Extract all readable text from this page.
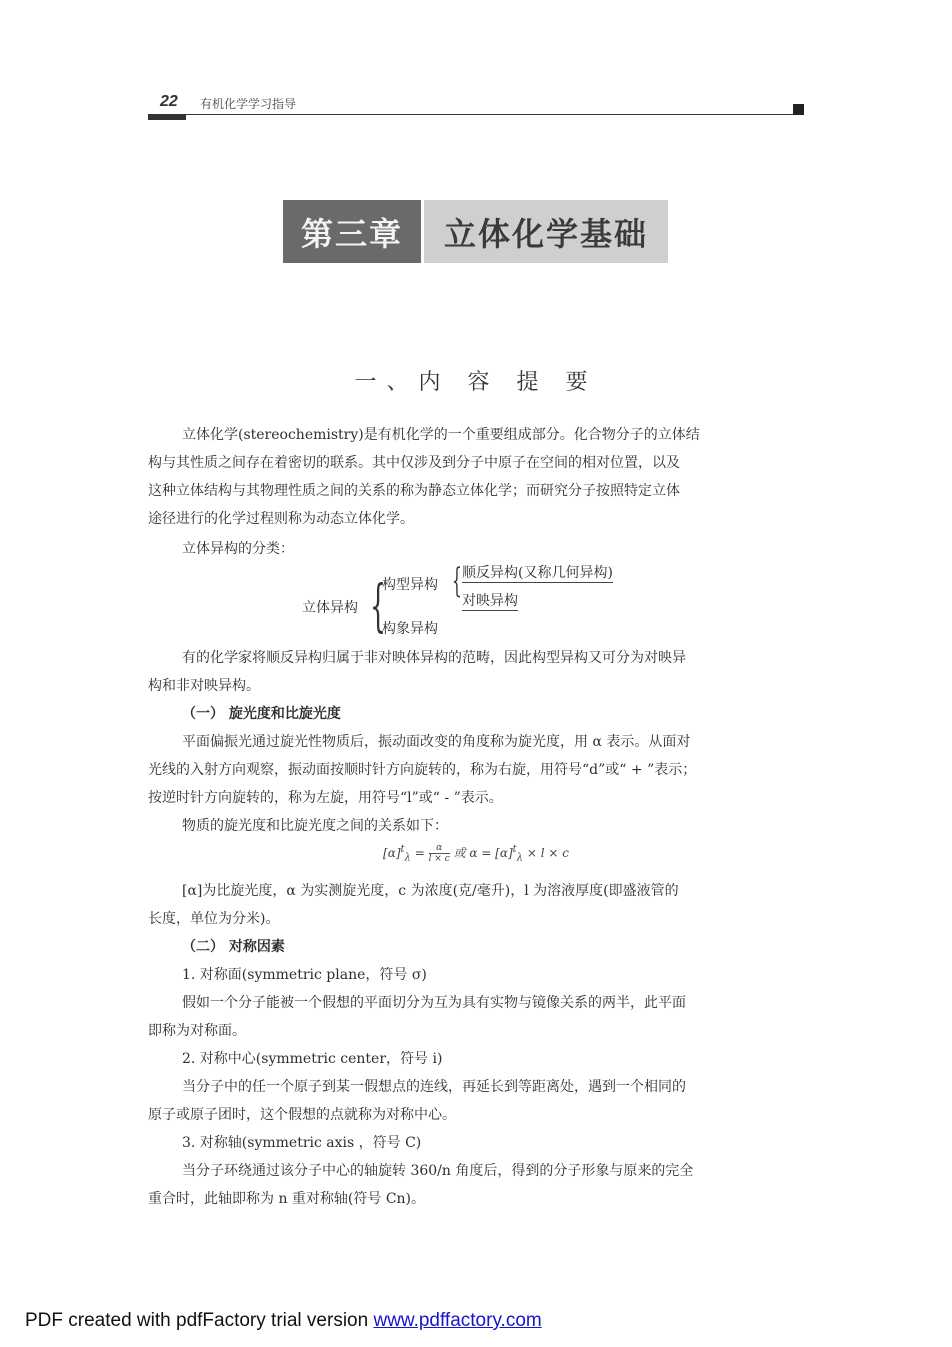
22 有机化学学习指导
第三章	立体化学基础
一、内 容 提 要
立体化学(stereochemistry)是有机化学的一个重要组成部分。化合物分子的立体结
构与其性质之间存在着密切的联系。其中仅涉及到分子中原子在空间的相对位置，以及
这种立体结构与其物理性质之间的关系的称为静态立体化学；而研究分子按照特定立体
途径进行的化学过程则称为动态立体化学。
立体异构的分类：
立体异构 {
构型异构 { 顺反异构(又称几何异构)
对映异构
构象异构
有的化学家将顺反异构归属于非对映体异构的范畴，因此构型异构又可分为对映异
构和非对映异构。
（一） 旋光度和比旋光度
平面偏振光通过旋光性物质后，振动面改变的角度称为旋光度，用 α 表示。从面对
光线的入射方向观察，振动面按顺时针方向旋转的，称为右旋，用符号“d”或“ + ”表示；
按逆时针方向旋转的，称为左旋，用符号“l”或“ - ”表示。
物质的旋光度和比旋光度之间的关系如下：
$[\alpha]^t_\lambda = \frac{\alpha}{l \times c}$ 或 $\alpha = [\alpha]^t_\lambda \times l \times c$
[α]为比旋光度，α 为实测旋光度，c 为浓度(克/毫升)，l 为溶液厚度(即盛液管的
长度，单位为分米)。
（二） 对称因素
1. 对称面(symmetric plane，符号 σ)
假如一个分子能被一个假想的平面切分为互为具有实物与镜像关系的两半，此平面
即称为对称面。
2. 对称中心(symmetric center，符号 i)
当分子中的任一个原子到某一假想点的连线，再延长到等距离处，遇到一个相同的
原子或原子团时，这个假想的点就称为对称中心。
3. 对称轴(symmetric axis ，符号 C)
当分子环绕通过该分子中心的轴旋转 360/n 角度后，得到的分子形象与原来的完全
重合时，此轴即称为 n 重对称轴(符号 Cn)。
PDF created with pdfFactory trial version www.pdffactory.com
